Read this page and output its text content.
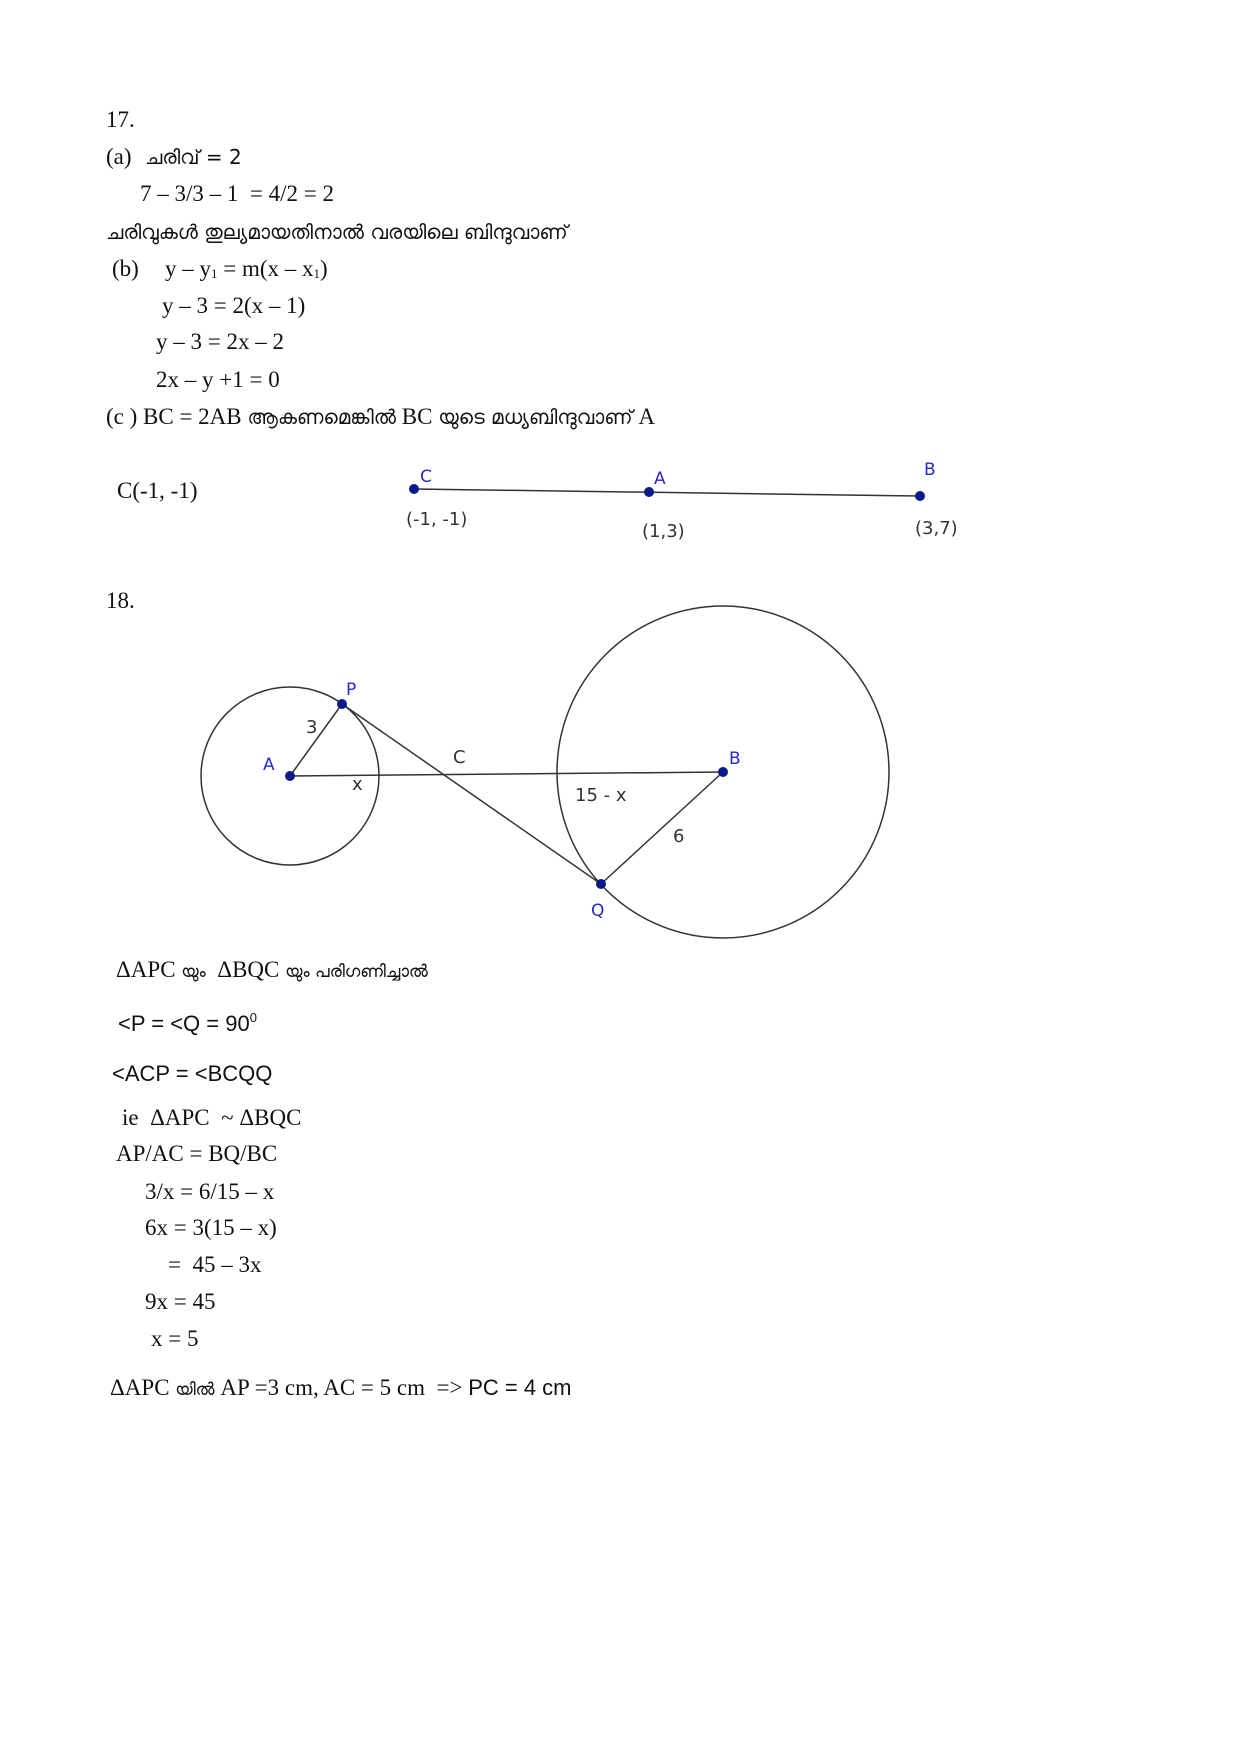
17.
(a) ചരിവ് = 2
7 – 3/3 – 1  = 4/2 = 2
ചരിവുകൾ തുല്യമായതിനാൽ വരയിലെ ബിന്ദുവാണ്
(b) $y - y_1 = m(x - x_1)$
y – 3 = 2(x – 1)
y – 3 = 2x – 2
2x – y +1 = 0
(c ) BC = 2AB ആകണമെങ്കിൽ BC യുടെ മധ്യബിന്ദുവാണ് A
C(-1, -1)
C	A	B
(-1, -1)
(1,3)	(3,7)
18.
P
A	C	B
Q
3
x
15 - x
6
ΔAPC യും  ΔBQC യും പരിഗണിച്ചാൽ
$<P = <Q = 90^0$
<ACP = <BCQQ
ie  ΔAPC  ~ ΔBQC
AP/AC = BQ/BC
3/x = 6/15 – x
6x = 3(15 – x)
=  45 – 3x
9x = 45
x = 5
ΔAPC യിൽ AP =3 cm, AC = 5 cm  => PC = 4 cm
